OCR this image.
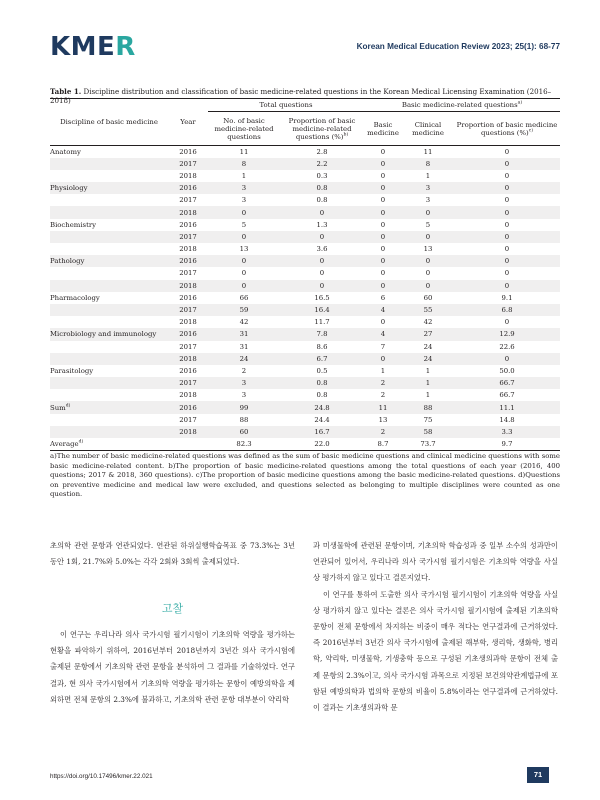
KMER	Korean Medical Education Review 2023; 25(1): 68-77
Table 1. Discipline distribution and classification of basic medicine-related questions in the Korean Medical Licensing Examination (2016–2018)
Discipline of basic medicine	Year	Total questions		Basic medicine-related questions$^{a)}$
		No. of basic medicine-related questions	Proportion of basic medicine-related questions (%)$^{b)}$	Basic medicine	Clinical medicine	Proportion of basic medicine questions (%)$^{c)}$
Anatomy	2016	11	2.8	0	11	0
	2017	8	2.2	0	8	0
	2018	1	0.3	0	1	0
Physiology	2016	3	0.8	0	3	0
	2017	3	0.8	0	3	0
	2018	0	0	0	0	0
Biochemistry	2016	5	1.3	0	5	0
	2017	0	0	0	0	0
	2018	13	3.6	0	13	0
Pathology	2016	0	0	0	0	0
	2017	0	0	0	0	0
	2018	0	0	0	0	0
Pharmacology	2016	66	16.5	6	60	9.1
	2017	59	16.4	4	55	6.8
	2018	42	11.7	0	42	0
Microbiology and immunology	2016	31	7.8	4	27	12.9
	2017	31	8.6	7	24	22.6
	2018	24	6.7	0	24	0
Parasitology	2016	2	0.5	1	1	50.0
	2017	3	0.8	2	1	66.7
	2018	3	0.8	2	1	66.7
Sum$^{d)}$	2016	99	24.8	11	88	11.1
	2017	88	24.4	13	75	14.8
	2018	60	16.7	2	58	3.3
Average$^{d)}$		82.3	22.0	8.7	73.7	9.7
a)The number of basic medicine-related questions was defined as the sum of basic medicine questions and clinical medicine questions with some basic medicine-related content. b)The proportion of basic medicine-related questions among the total questions of each year (2016, 400 questions; 2017 & 2018, 360 questions). c)The proportion of basic medicine questions among the basic medicine-related questions. d)Questions on preventive medicine and medical law were excluded, and questions selected as belonging to multiple disciplines were counted as one question.

초의학 관련 문항과 연관되었다. 연관된 하위실행학습목표 중 73.3%는 3년 동안 1회, 21.7%와 5.0%는 각각 2회와 3회씩 출제되었다.

고찰

이 연구는 우리나라 의사 국가시험 필기시험이 기초의학 역량을 평가하는 현황을 파악하기 위하여, 2016년부터 2018년까지 3년간 의사 국가시험에 출제된 문항에서 기초의학 관련 문항을 분석하여 그 결과를 기술하였다. 연구결과, 현 의사 국가시험에서 기초의학 역량을 평가하는 문항이 예방의학을 제외하면 전체 문항의 2.3%에 불과하고, 기초의학 관련 문항 대부분이 약리학

과 미생물학에 관련된 문항이며, 기초의학 학습성과 중 일부 소수의 성과만이 연관되어 있어서, 우리나라 의사 국가시험 필기시험은 기초의학 역량을 사실상 평가하지 않고 있다고 결론지었다.

이 연구를 통하여 도출한 의사 국가시험 필기시험이 기초의학 역량을 사실상 평가하지 않고 있다는 결론은 의사 국가시험 필기시험에 출제된 기초의학 문항이 전체 문항에서 차지하는 비중이 매우 적다는 연구결과에 근거하였다. 즉 2016년부터 3년간 의사 국가시험에 출제된 해부학, 생리학, 생화학, 병리학, 약리학, 미생물학, 기생충학 등으로 구성된 기초생의과학 문항이 전체 출제 문항의 2.3%이고, 의사 국가시험 과목으로 지정된 보건의약관계법규에 포함된 예방의학과 법의학 문항의 비율이 5.8%이라는 연구결과에 근거하였다. 이 결과는 기초생의과학 문

https://doi.org/10.17496/kmer.22.021	71
